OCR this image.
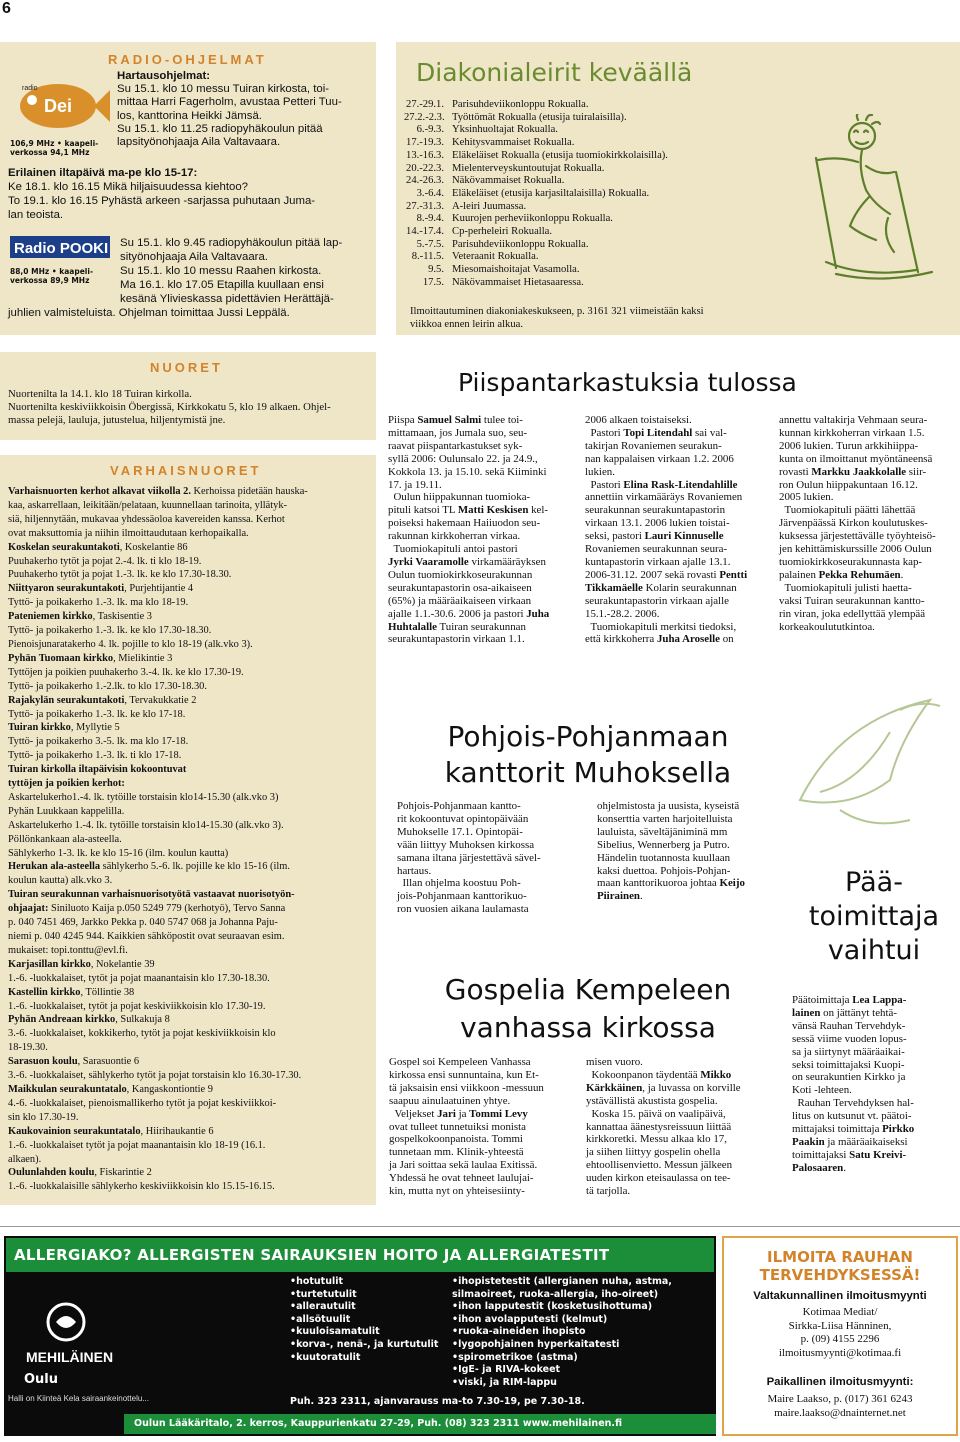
6
RADIO-OHJELMAT
Dei
radio
106,9 MHz • kaapeli-verkossa 94,1 MHz
Hartausohjelmat:
Su 15.1. klo 10 messu Tuiran kirkosta, toi-
mittaa Harri Fagerholm, avustaa Petteri Tuu-
los, kanttorina Heikki Jämsä.
Su 15.1. klo 11.25 radiopyhäkoulun pitää
lapsityönohjaaja Aila Valtavaara.
Erilainen iltapäivä ma-pe klo 15-17:
Ke 18.1. klo 16.15 Mikä hiljaisuudessa kiehtoo?
To 19.1. klo 16.15 Pyhästä arkeen -sarjassa puhutaan Juma-
lan teoista.
Radio POOKI
88,0 MHz • kaapeli-verkossa 89,9 MHz
Su 15.1. klo 9.45 radiopyhäkoulun pitää lap-
sityönohjaaja Aila Valtavaara.
Su 15.1. klo 10 messu Raahen kirkosta.
Ma 16.1. klo 17.05 Etapilla kuullaan ensi
kesänä Ylivieskassa pidettävien Herättäjä-
juhlien valmisteluista. Ohjelman toimittaa Jussi Leppälä.
Diakonialeirit keväällä
27.-29.1. Parisuhdeviikonloppu Rokualla.
27.2.-2.3. Työttömät Rokualla (etusija tuiralaisilla).
6.-9.3. Yksinhuoltajat Rokualla.
17.-19.3. Kehitysvammaiset Rokualla.
13.-16.3. Eläkeläiset Rokualla (etusija tuomiokirkkolaisilla).
20.-22.3. Mielenterveyskuntoutujat Rokualla.
24.-26.3. Näkövammaiset Rokualla.
3.-6.4. Eläkeläiset (etusija karjasiltalaisilla) Rokualla.
27.-31.3. A-leiri Juumassa.
8.-9.4. Kuurojen perheviikonloppu Rokualla.
14.-17.4. Cp-perheleiri Rokualla.
5.-7.5. Parisuhdeviikonloppu Rokualla.
8.-11.5. Veteraanit Rokualla.
9.5. Miesomaishoitajat Vasamolla.
17.5. Näkövammaiset Hietasaaressa.
Ilmoittautuminen diakoniakeskukseen, p. 3161 321 viimeistään kaksi
viikkoa ennen leirin alkua.
NUORET
Nuortenilta la 14.1. klo 18 Tuiran kirkolla.
Nuortenilta keskiviikkoisin Öbergissä, Kirkkokatu 5, klo 19 alkaen. Ohjel-
massa pelejä, lauluja, jutustelua, hiljentymistä jne.
VARHAISNUORET
Varhaisnuorten kerhot alkavat viikolla 2. Kerhoissa pidetään hauska-
kaa, askarrellaan, leikitään/pelataan, kuunnellaan tarinoita, yllätyk-
siä, hiljennytään, mukavaa yhdessäoloa kavereiden kanssa. Kerhot
ovat maksuttomia ja niihin ilmoittaudutaan kerhopaikalla.
Koskelan seurakuntakoti, Koskelantie 86
Puuhakerho tytöt ja pojat 2.-4. lk. ti klo 18-19.
Puuhakerho tytöt ja pojat 1.-3. lk. ke klo 17.30-18.30.
Niittyaron seurakuntakoti, Purjehtijantie 4
Tyttö- ja poikakerho 1.-3. lk. ma klo 18-19.
Pateniemen kirkko, Taskisentie 3
Tyttö- ja poikakerho 1.-3. lk. ke klo 17.30-18.30.
Pienoisjunaratakerho 4. lk. pojille to klo 18-19 (alk.vko 3).
Pyhän Tuomaan kirkko, Mielikintie 3
Tyttöjen ja poikien puuhakerho 3.-4. lk. ke klo 17.30-19.
Tyttö- ja poikakerho 1.-2.lk. to klo 17.30-18.30.
Rajakylän seurakuntakoti, Tervakukkatie 2
Tyttö- ja poikakerho 1.-3. lk. ke klo 17-18.
Tuiran kirkko, Myllytie 5
Tyttö- ja poikakerho 3.-5. lk. ma klo 17-18.
Tyttö- ja poikakerho 1.-3. lk. ti klo 17-18.
Tuiran kirkolla iltapäivisin kokoontuvat
tyttöjen ja poikien kerhot:
Askartelukerho1.-4. lk. tytöille torstaisin klo14-15.30 (alk.vko 3)
Pyhän Luukkaan kappelilla.
Askartelukerho 1.-4. lk. tytöille torstaisin klo14-15.30 (alk.vko 3).
Pöllönkankaan ala-asteella.
Sählykerho 1-3. lk. ke klo 15-16 (ilm. koulun kautta)
Herukan ala-asteella sählykerho 5.-6. lk. pojille ke klo 15-16 (ilm.
koulun kautta) alk.vko 3.
Tuiran seurakunnan varhaisnuorisotyötä vastaavat nuorisotyön-
ohjaajat: Siniluoto Kaija p.050 5249 779 (kerhotyö), Tervo Sanna
p. 040 7451 469, Jarkko Pekka p. 040 5747 068 ja Johanna Paju-
niemi p. 040 4245 944. Kaikkien sähköpostit ovat seuraavan esim.
mukaiset: topi.tonttu@evl.fi.
Karjasillan kirkko, Nokelantie 39
1.-6. -luokkalaiset, tytöt ja pojat maanantaisin klo 17.30-18.30.
Kastellin kirkko, Töllintie 38
1.-6. -luokkalaiset, tytöt ja pojat keskiviikkoisin klo 17.30-19.
Pyhän Andreaan kirkko, Sulkakuja 8
3.-6. -luokkalaiset, kokkikerho, tytöt ja pojat keskiviikkoisin klo
18-19.30.
Sarasuon koulu, Sarasuontie 6
3.-6. -luokkalaiset, sählykerho tytöt ja pojat torstaisin klo 16.30-17.30.
Maikkulan seurakuntatalo, Kangaskontiontie 9
4.-6. -luokkalaiset, pienoismallikerho tytöt ja pojat keskiviikkoi-
sin klo 17.30-19.
Kaukovainion seurakuntatalo, Hiirihaukantie 6
1.-6. -luokkalaiset tytöt ja pojat maanantaisin klo 18-19 (16.1.
alkaen).
Oulunlahden koulu, Fiskarintie 2
1.-6. -luokkalaisille sählykerho keskiviikkoisin klo 15.15-16.15.
Piispantarkastuksia tulossa
Piispa Samuel Salmi tulee toi-
mittamaan, jos Jumala suo, seu-
raavat piispantarkastukset syk-
syllä 2006: Oulunsalo 22. ja 24.9.,
Kokkola 13. ja 15.10. sekä Kiiminki
17. ja 19.11.
Oulun hiippakunnan tuomioka-
pituli katsoi TL Matti Keskisen kel-
poiseksi hakemaan Haiiuodon seu-
rakunnan kirkkoherran virkaa.
Tuomiokapituli antoi pastori
Jyrki Vaaramolle virkamääräyksen
Oulun tuomiokirkkoseurakunnan
seurakuntapastorin osa-aikaiseen
(65%) ja määräaikaiseen virkaan
ajalle 1.1.-30.6. 2006 ja pastori Juha
Huhtalalle Tuiran seurakunnan
seurakuntapastorin virkaan 1.1.
2006 alkaen toistaiseksi.
Pastori Topi Litendahl sai val-
takirjan Rovaniemen seurakun-
nan kappalaisen virkaan 1.2. 2006
lukien.
Pastori Elina Rask-Litendahlille
annettiin virkamääräys Rovaniemen
seurakunnan seurakuntapastorin
virkaan 13.1. 2006 lukien toistai-
seksi, pastori Lauri Kinnuselle
Rovaniemen seurakunnan seura-
kuntapastorin virkaan ajalle 13.1.
2006-31.12. 2007 sekä rovasti Pentti
Tikkamäelle Kolarin seurakunnan
seurakuntapastorin virkaan ajalle
15.1.-28.2. 2006.
Tuomiokapituli merkitsi tiedoksi,
että kirkkoherra Juha Aroselle on
annettu valtakirja Vehmaan seura-
kunnan kirkkoherran virkaan 1.5.
2006 lukien. Turun arkkihiippa-
kunta on ilmoittanut myöntäneensä
rovasti Markku Jaakkolalle siir-
ron Oulun hiippakuntaan 16.12.
2005 lukien.
Tuomiokapituli päätti lähettää
Järvenpäässä Kirkon koulutuskes-
kuksessa järjestettävälle työyhteisö-
jen kehittämiskurssille 2006 Oulun
tuomiokirkkoseurakunnasta kap-
palainen Pekka Rehumäen.
Tuomiokapituli julisti haetta-
vaksi Tuiran seurakunnan kantto-
rin viran, joka edellyttää ylempää
korkeakoulututkintoa.
Pohjois-Pohjanmaan
kanttorit Muhoksella
Pohjois-Pohjanmaan kantto-
rit kokoontuvat opintopäivään
Muhokselle 17.1. Opintopäi-
vään liittyy Muhoksen kirkossa
samana iltana järjestettävä sävel-
hartaus.
Illan ohjelma koostuu Poh-
jois-Pohjanmaan kanttorikuo-
ron vuosien aikana laulamasta
ohjelmistosta ja uusista, kyseistä
konserttia varten harjoitelluista
lauluista, säveltäjäniminä mm
Sibelius, Wennerberg ja Putro.
Händelin tuotannosta kuullaan
kaksi duettoa. Pohjois-Pohjan-
maan kanttorikuoroa johtaa Keijo
Piirainen.
Gospelia Kempeleen
vanhassa kirkossa
Gospel soi Kempeleen Vanhassa
kirkossa ensi sunnuntaina, kun Et-
tä jaksaisin ensi viikkoon -messuun
saapuu ainulaatuinen yhtye.
Veljekset Jari ja Tommi Levy
ovat tulleet tunnetuiksi monista
gospelkokoonpanoista. Tommi
tunnetaan mm. Klinik-yhteestä
ja Jari soittaa sekä laulaa Exitissä.
Yhdessä he ovat tehneet laulujai-
kin, mutta nyt on yhteisesiinty-
misen vuoro.
Kokoonpanon täydentää Mikko
Kärkkäinen, ja luvassa on korville
ystävällistä akustista gospelia.
Koska 15. päivä on vaalipäivä,
kannattaa äänestysreissuun liittää
kirkkoretki. Messu alkaa klo 17,
ja siihen liittyy gospelin ohella
ehtoollisenvietto. Messun jälkeen
uuden kirkon eteisaulassa on tee-
tä tarjolla.
Pää-
toimittaja
vaihtui
Päätoimittaja Lea Lappa-
lainen on jättänyt tehtä-
vänsä Rauhan Tervehdyk-
sessä viime vuoden lopus-
sa ja siirtynyt määräaikai-
seksi toimittajaksi Kuopi-
on seurakuntien Kirkko ja
Koti -lehteen.
Rauhan Tervehdyksen hal-
litus on kutsunut vt. päätoi-
mittajaksi toimittaja Pirkko
Paakin ja määräaikaiseksi
toimittajaksi Satu Kreivi-
Palosaaren.
ALLERGIAKO? ALLERGISTEN SAIRAUKSIEN HOITO JA ALLERGIATESTIT
MEHILÄINEN
Oulu
Halli on Kiinteä Kela sairaankeinottelu...
•hotutulit
•turtetutulit
•allerautulit
•allsötuulit
•kuuloisamatulit
•korva-, nenä-, ja kurtutulit
•kuutoratulit
•ihopistetestit (allergianen nuha, astma,
silmaoireet, ruoka-allergia, iho-oireet)
•ihon lapputestit (kosketusihottuma)
•ihon avolapputesti (kelmut)
•ruoka-aineiden ihopisto
•lygopohjainen hyperkaitatesti
•spirometrikoe (astma)
•IgE- ja RIVA-kokeet
•viski, ja RIM-lappu
Puh. 323 2311, ajanvarauss ma-to 7.30-19, pe 7.30-18.
Oulun Lääkäritalo, 2. kerros, Kauppurienkatu 27-29, Puh. (08) 323 2311 www.mehilainen.fi
ILMOITA RAUHAN
TERVEHDYKSESSÄ!
Valtakunnallinen ilmoitusmyynti
Kotimaa Mediat/
Sirkka-Liisa Hänninen,
p. (09) 4155 2296
ilmoitusmyynti@kotimaa.fi
Paikallinen ilmoitusmyynti:
Maire Laakso, p. (017) 361 6243
maire.laakso@dnainternet.net
